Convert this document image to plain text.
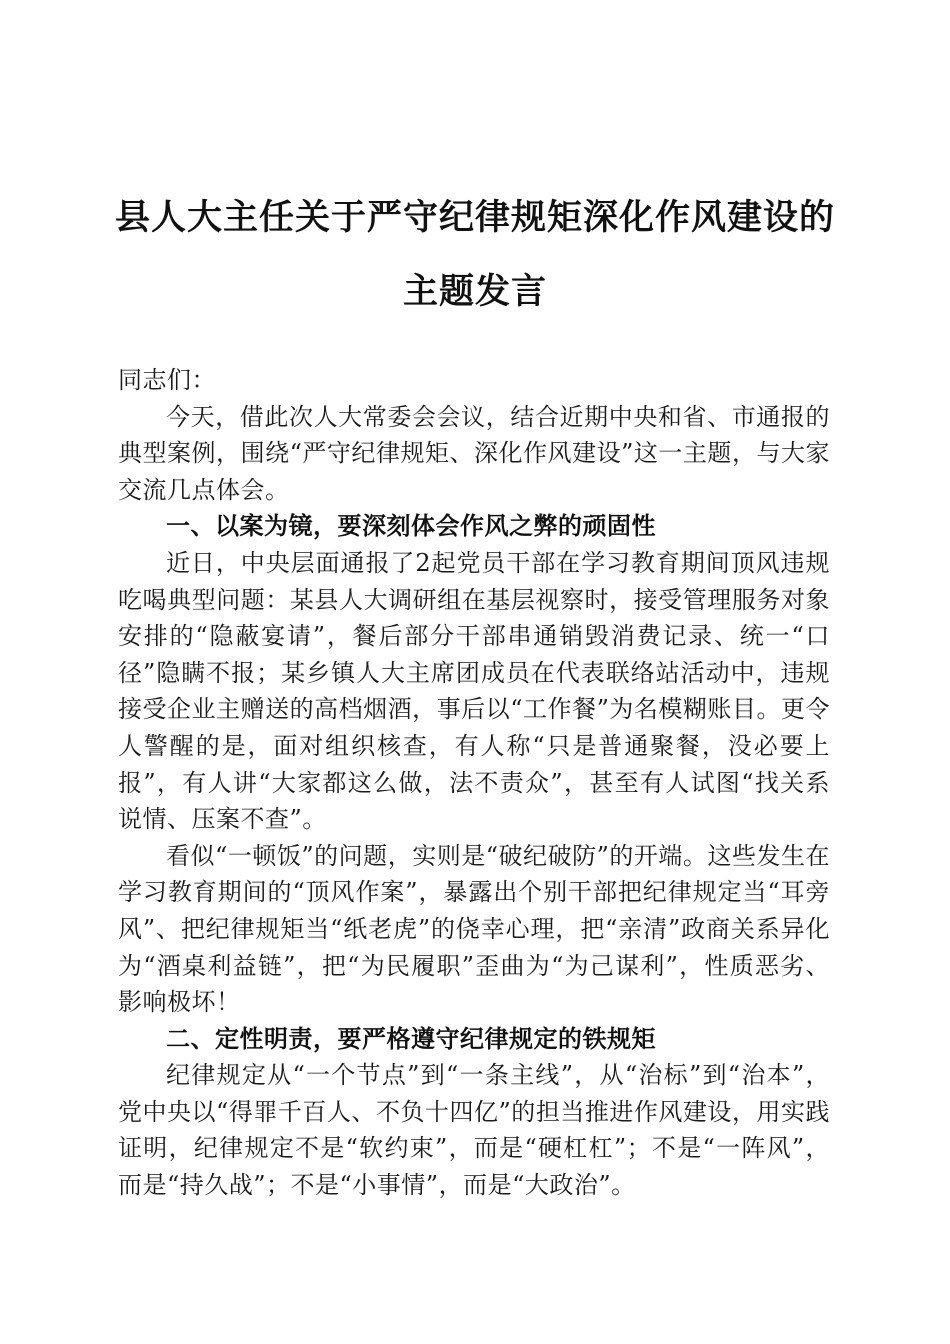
县人大主任关于严守纪律规矩深化作风建设的
主题发言

同志们：

今天，借此次人大常委会会议，结合近期中央和省、市通报的典型案例，围绕“严守纪律规矩、深化作风建设”这一主题，与大家交流几点体会。

一、以案为镜，要深刻体会作风之弊的顽固性

近日，中央层面通报了2起党员干部在学习教育期间顶风违规吃喝典型问题：某县人大调研组在基层视察时，接受管理服务对象安排的“隐蔽宴请”，餐后部分干部串通销毁消费记录、统一“口径”隐瞒不报；某乡镇人大主席团成员在代表联络站活动中，违规接受企业主赠送的高档烟酒，事后以“工作餐”为名模糊账目。更令人警醒的是，面对组织核查，有人称“只是普通聚餐，没必要上报”，有人讲“大家都这么做，法不责众”，甚至有人试图“找关系说情、压案不查”。

看似“一顿饭”的问题，实则是“破纪破防”的开端。这些发生在学习教育期间的“顶风作案”，暴露出个别干部把纪律规定当“耳旁风”、把纪律规矩当“纸老虎”的侥幸心理，把“亲清”政商关系异化为“酒桌利益链”，把“为民履职”歪曲为“为己谋利”，性质恶劣、影响极坏！

二、定性明责，要严格遵守纪律规定的铁规矩

纪律规定从“一个节点”到“一条主线”，从“治标”到“治本”，党中央以“得罪千百人、不负十四亿”的担当推进作风建设，用实践证明，纪律规定不是“软约束”，而是“硬杠杠”；不是“一阵风”，而是“持久战”；不是“小事情”，而是“大政治”。
